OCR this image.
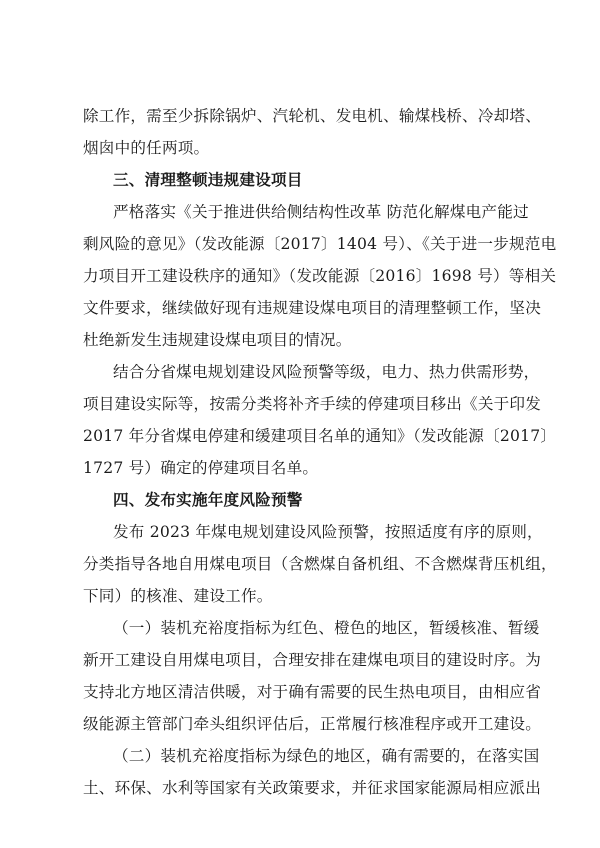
除工作，需至少拆除锅炉、汽轮机、发电机、输煤栈桥、冷却塔、
烟囱中的任两项。
三、清理整顿违规建设项目
严格落实《关于推进供给侧结构性改革 防范化解煤电产能过
剩风险的意见》（发改能源〔2017〕1404 号）、《关于进一步规范电
力项目开工建设秩序的通知》（发改能源〔2016〕1698 号）等相关
文件要求，继续做好现有违规建设煤电项目的清理整顿工作，坚决
杜绝新发生违规建设煤电项目的情况。
结合分省煤电规划建设风险预警等级，电力、热力供需形势，
项目建设实际等，按需分类将补齐手续的停建项目移出《关于印发
2017 年分省煤电停建和缓建项目名单的通知》（发改能源〔2017〕
1727 号）确定的停建项目名单。
四、发布实施年度风险预警
发布 2023 年煤电规划建设风险预警，按照适度有序的原则，
分类指导各地自用煤电项目（含燃煤自备机组、不含燃煤背压机组，
下同）的核准、建设工作。
（一）装机充裕度指标为红色、橙色的地区，暂缓核准、暂缓
新开工建设自用煤电项目，合理安排在建煤电项目的建设时序。为
支持北方地区清洁供暖，对于确有需要的民生热电项目，由相应省
级能源主管部门牵头组织评估后，正常履行核准程序或开工建设。
（二）装机充裕度指标为绿色的地区，确有需要的，在落实国
土、环保、水利等国家有关政策要求，并征求国家能源局相应派出
